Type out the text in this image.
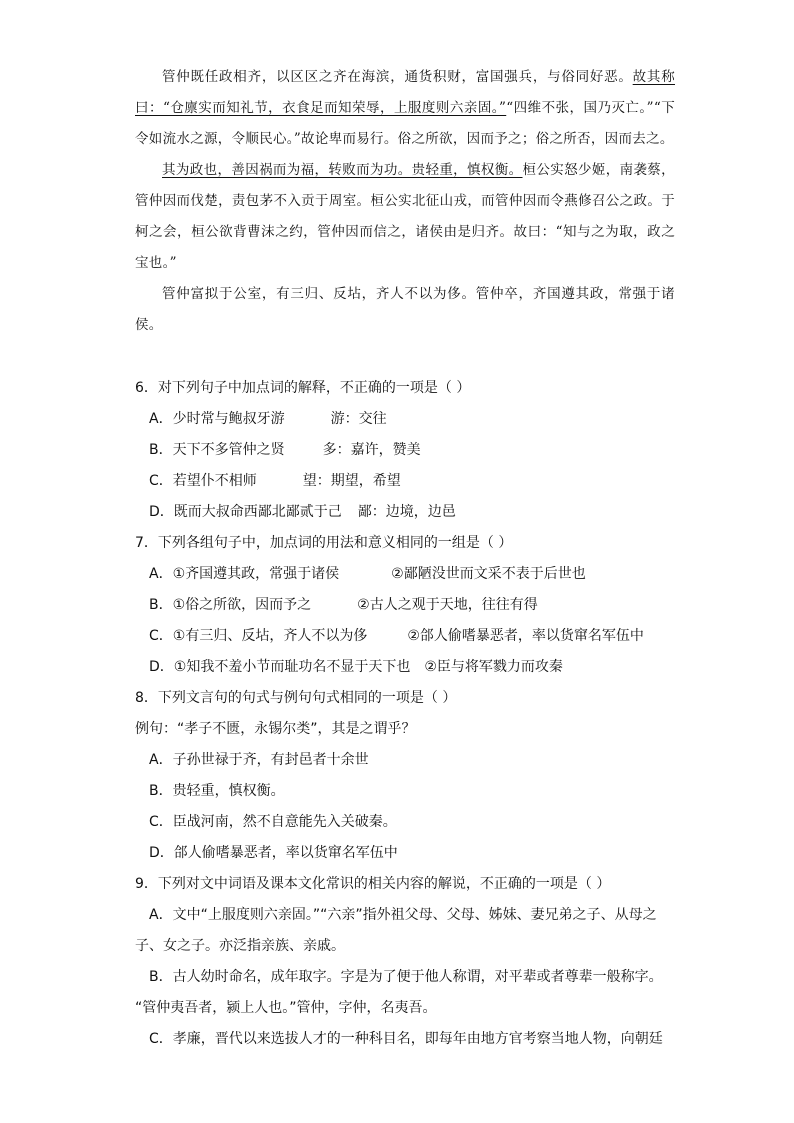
管仲既任政相齐，以区区之齐在海滨，通货积财，富国强兵，与俗同好恶。故其称曰：“仓廪实而知礼节，衣食足而知荣辱，上服度则六亲固。”“四维不张，国乃灭亡。”“下令如流水之源，令顺民心。”故论卑而易行。俗之所欲，因而予之；俗之所否，因而去之。

其为政也，善因祸而为福，转败而为功。贵轻重，慎权衡。桓公实怒少姬，南袭蔡，管仲因而伐楚，责包茅不入贡于周室。桓公实北征山戎，而管仲因而令燕修召公之政。于柯之会，桓公欲背曹沫之约，管仲因而信之，诸侯由是归齐。故曰：“知与之为取，政之宝也。”

管仲富拟于公室，有三归、反坫，齐人不以为侈。管仲卒，齐国遵其政，常强于诸侯。

6．对下列句子中加点词的解释，不正确的一项是（ ）
A．少时常与鲍叔牙游	游：交往
B．天下不多管仲之贤	多：嘉许，赞美
C．若望仆不相师	望：期望，希望
D．既而大叔命西鄙北鄙贰于己 鄙：边境，边邑
7．下列各组句子中，加点词的用法和意义相同的一组是（ ）
A．①齐国遵其政，常强于诸侯	②鄙陋没世而文采不表于后世也
B．①俗之所欲，因而予之	②古人之观于天地，往往有得
C．①有三归、反坫，齐人不以为侈	②郃人偷嗜暴恶者，率以货窜名军伍中
D．①知我不羞小节而耻功名不显于天下也 ②臣与将军戮力而攻秦
8．下列文言句的句式与例句句式相同的一项是（ ）
例句：“孝子不匮，永锡尔类”，其是之谓乎？
A．子孙世禄于齐，有封邑者十余世
B．贵轻重，慎权衡。
C．臣战河南，然不自意能先入关破秦。
D．郃人偷嗜暴恶者，率以货窜名军伍中
9．下列对文中词语及课本文化常识的相关内容的解说，不正确的一项是（ ）
A．文中“上服度则六亲固。”“六亲”指外祖父母、父母、姊妹、妻兄弟之子、从母之
子、女之子。亦泛指亲族、亲戚。
B．古人幼时命名，成年取字。字是为了便于他人称谓，对平辈或者尊辈一般称字。
“管仲夷吾者，颍上人也。”管仲，字仲，名夷吾。
C．孝廉，晋代以来选拔人才的一种科目名，即每年由地方官考察当地人物，向朝廷
